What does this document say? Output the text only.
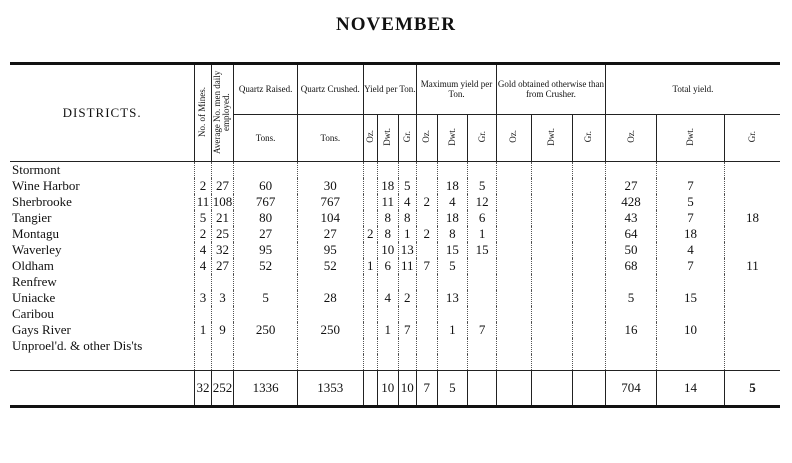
NOVEMBER
DISTRICTS.	No. of Mines.	Average No. men daily employed.	Quartz Raised.	Quartz Crushed.	Yield per Ton.			Maximum yield per Ton.			Gold obtained otherwise than from Crusher.			Total yield.		
			Tons.	Tons.	Oz.	Dwt.	Gr.	Oz.	Dwt.	Gr.	Oz.	Dwt.	Gr.	Oz.	Dwt.	Gr.
Stormont																
Wine Harbor	2	27	60	30		18	5		18	5				27	7	
Sherbrooke	11	108	767	767		11	4	2	4	12				428	5	
Tangier	5	21	80	104		8	8		18	6				43	7	18
Montagu	2	25	27	27	2	8	1	2	8	1				64	18	
Waverley	4	32	95	95		10	13		15	15				50	4	
Oldham	4	27	52	52	1	6	11	7	5					68	7	11
Renfrew																
Uniacke	3	3	5	28		4	2		13					5	15	
Caribou																
Gays River	1	9	250	250		1	7		1	7				16	10	
Unproel'd. & other Dis'ts																

	32	252	1336	1353		10	10	7	5					704	14	5
